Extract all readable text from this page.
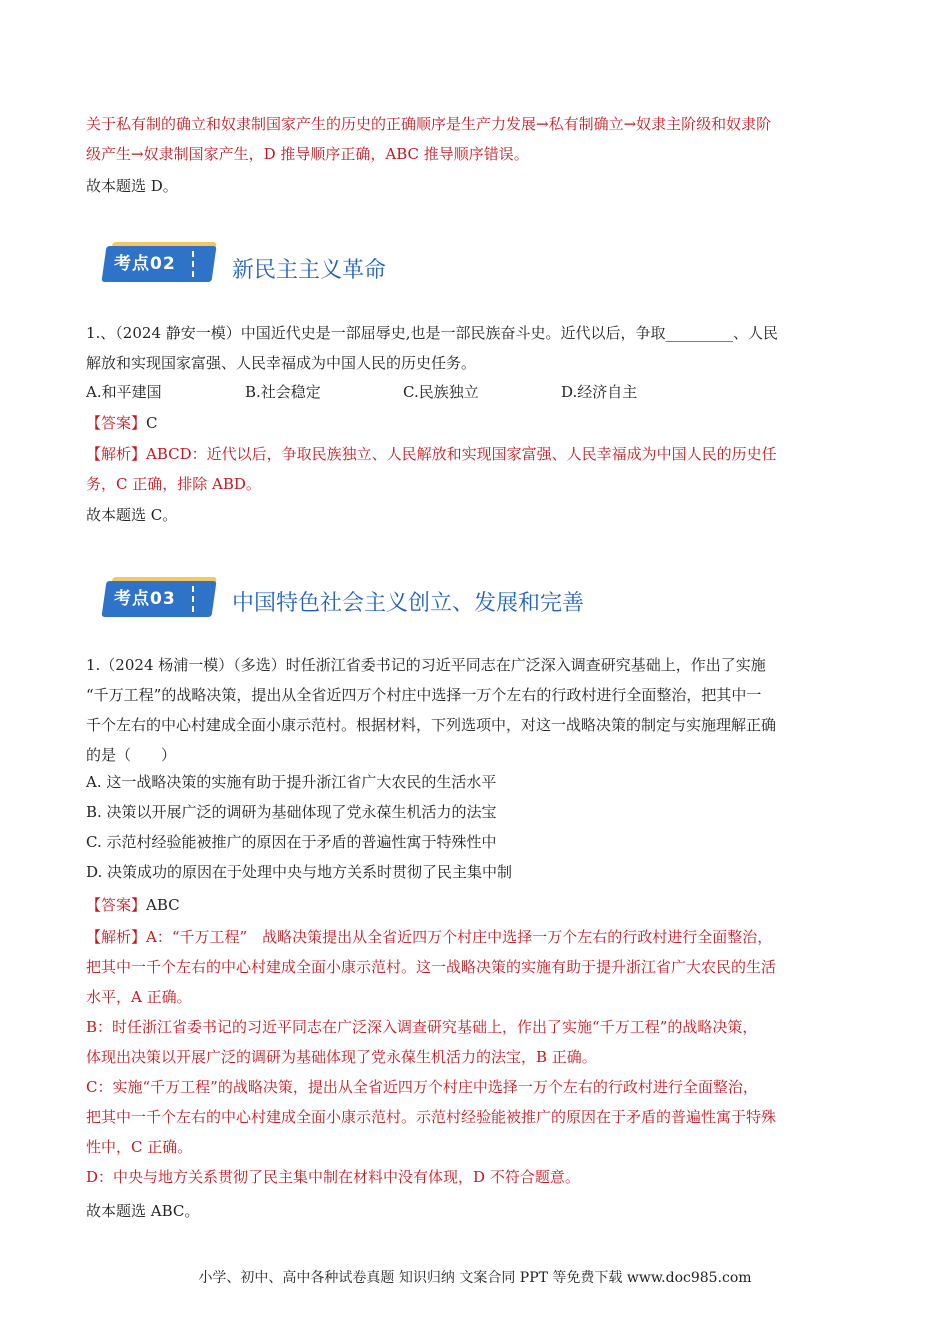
关于私有制的确立和奴隶制国家产生的历史的正确顺序是生产力发展→私有制确立→奴隶主阶级和奴隶阶
级产生→奴隶制国家产生，D 推导顺序正确，ABC 推导顺序错误。
故本题选 D。
考点02	新民主主义革命
1.、（2024 静安一模）中国近代史是一部屈辱史,也是一部民族奋斗史。近代以后，争取_________、人民
解放和实现国家富强、人民幸福成为中国人民的历史任务。
A.和平建国	B.社会稳定	C.民族独立	D.经济自主
【答案】C
【解析】ABCD：近代以后，争取民族独立、人民解放和实现国家富强、人民幸福成为中国人民的历史任
务，C 正确，排除 ABD。
故本题选 C。
考点03	中国特色社会主义创立、发展和完善
1.（2024 杨浦一模）（多选）时任浙江省委书记的习近平同志在广泛深入调查研究基础上，作出了实施
“千万工程”的战略决策，提出从全省近四万个村庄中选择一万个左右的行政村进行全面整治，把其中一
千个左右的中心村建成全面小康示范村。根据材料，下列选项中，对这一战略决策的制定与实施理解正确
的是（　　）
A. 这一战略决策的实施有助于提升浙江省广大农民的生活水平
B. 决策以开展广泛的调研为基础体现了党永葆生机活力的法宝
C. 示范村经验能被推广的原因在于矛盾的普遍性寓于特殊性中
D. 决策成功的原因在于处理中央与地方关系时贯彻了民主集中制
【答案】ABC
【解析】A：“千万工程”　战略决策提出从全省近四万个村庄中选择一万个左右的行政村进行全面整治，
把其中一千个左右的中心村建成全面小康示范村。这一战略决策的实施有助于提升浙江省广大农民的生活
水平，A 正确。
B：时任浙江省委书记的习近平同志在广泛深入调查研究基础上，作出了实施“千万工程”的战略决策，
体现出决策以开展广泛的调研为基础体现了党永葆生机活力的法宝，B 正确。
C：实施“千万工程”的战略决策，提出从全省近四万个村庄中选择一万个左右的行政村进行全面整治，
把其中一千个左右的中心村建成全面小康示范村。示范村经验能被推广的原因在于矛盾的普遍性寓于特殊
性中，C 正确。
D：中央与地方关系贯彻了民主集中制在材料中没有体现，D 不符合题意。
故本题选 ABC。
小学、初中、高中各种试卷真题 知识归纳 文案合同 PPT 等免费下载 www.doc985.com
